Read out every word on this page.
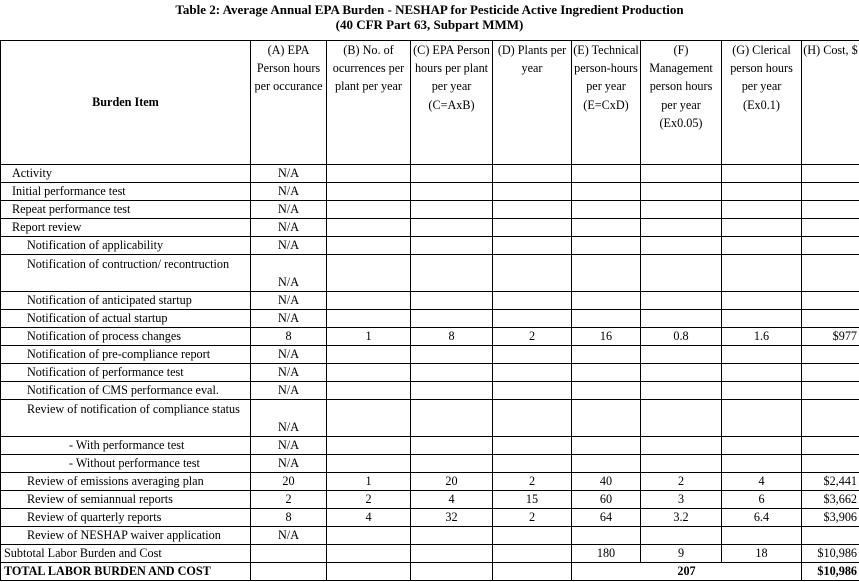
Table 2: Average Annual EPA Burden - NESHAP for Pesticide Active Ingredient Production
(40 CFR Part 63, Subpart MMM)
Burden Item	(A) EPA Person hours per occurance	(B) No. of ocurrences per plant per year	(C) EPA Person hours per plant per year (C=AxB)	(D) Plants per year	(E) Technical person-hours per year (E=CxD)	(F) Management person hours per year (Ex0.05)	(G) Clerical person hours per year (Ex0.1)	(H) Cost, $
Activity	N/A							
Initial performance test	N/A							
Repeat performance test	N/A							
Report review	N/A							
Notification of applicability	N/A							
Notification of contruction/ recontruction	N/A							
Notification of anticipated startup	N/A							
Notification of actual startup	N/A							
Notification of process changes	8	1	8	2	16	0.8	1.6	$977
Notification of pre-compliance report	N/A							
Notification of performance test	N/A							
Notification of CMS performance eval.	N/A							
Review of notification of compliance status	N/A							
- With performance test	N/A							
- Without performance test	N/A							
Review of emissions averaging plan	20	1	20	2	40	2	4	$2,441
Review of semiannual reports	2	2	4	15	60	3	6	$3,662
Review of quarterly reports	8	4	32	2	64	3.2	6.4	$3,906
Review of NESHAP waiver application	N/A							
Subtotal Labor Burden and Cost					180	9	18	$10,986
TOTAL LABOR BURDEN AND COST					207			$10,986
